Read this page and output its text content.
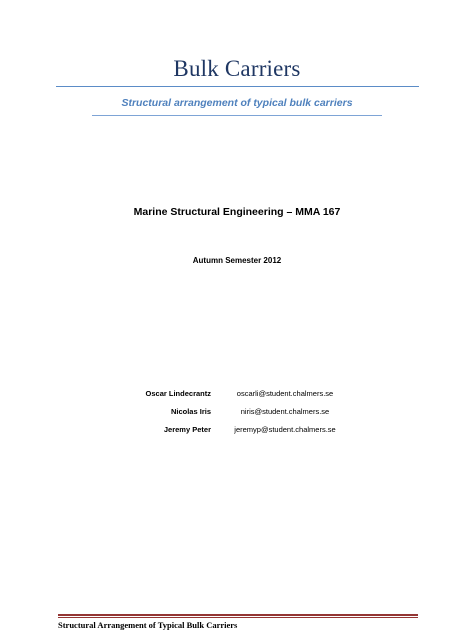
Bulk Carriers
Structural arrangement of typical bulk carriers
Marine Structural Engineering – MMA 167
Autumn Semester 2012
Oscar Lindecrantz	oscarli@student.chalmers.se
Nicolas Iris	niris@student.chalmers.se
Jeremy Peter	jeremyp@student.chalmers.se
Structural Arrangement of Typical Bulk Carriers
